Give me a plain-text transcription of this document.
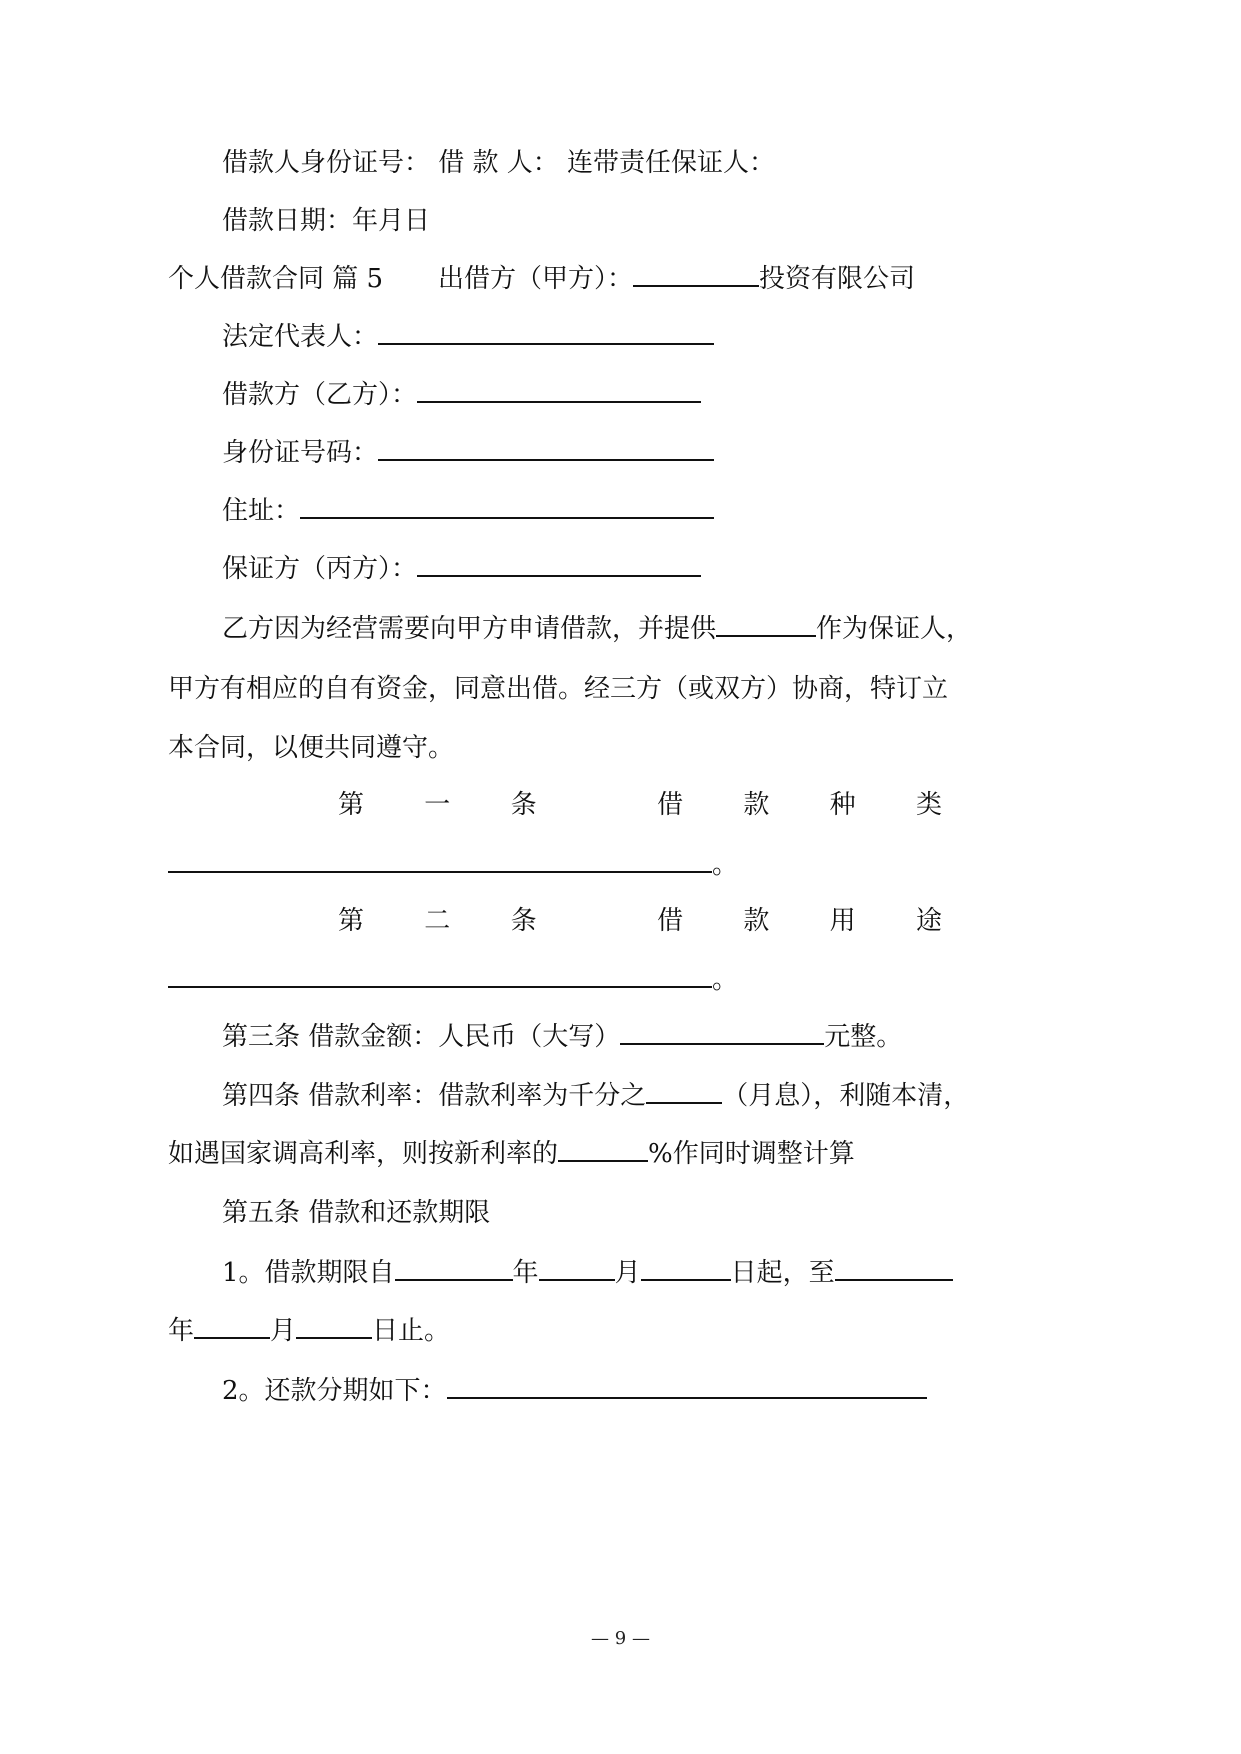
借款人身份证号： 借 款 人： 连带责任保证人：
借款日期：年月日
个人借款合同 篇 5 出借方（甲方）：	投资有限公司
法定代表人：
借款方（乙方）：
身份证号码：
住址：
保证方（丙方）：
乙方因为经营需要向甲方申请借款，并提供	作为保证人，
甲方有相应的自有资金，同意出借。经三方（或双方）协商，特订立
本合同，以便共同遵守。
第 一 条	借 款 种 类
。
第 二 条	借 款 用 途
。
第三条 借款金额：人民币（大写）	元整。
第四条 借款利率：借款利率为千分之	（月息），利随本清，
如遇国家调高利率，则按新利率的	%作同时调整计算
第五条 借款和还款期限
1。借款期限自	年	月	日起，至
年	月	日止。
2。还款分期如下：
— 9 —
